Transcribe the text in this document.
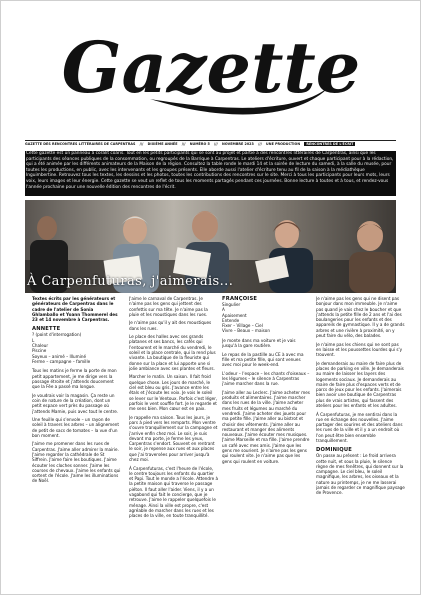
Gazette
GAZETTE DES RENCONTRES LITTÉRAIRES DE CARPENTRAS /// DIXIÈME ANNÉE /// NUMÉRO 5 /// NOVEMBRE 2023 /// UNE PRODUCTION RENCONTRES DE L'ÉCRIT
Cette gazette est un panneau à coralit coaris. Tout en les petits participants qui se sont au projet et partie à des rencontres littéraires de Carpentras, ainsi que les participants des séances publiques de la consommation, ou regroupés de la Barrique à Carpentras. Le ateliers d'écriture, ouvert et chaque participant pour à la rédaction, qui a été animée par les différents animateurs de la Maison de la région. Consultez la table ronde le mardi 14 et la soirée de lecture du samedi, à la salle du musée, pour toutes les productions, en public, avec les intervenants et les groupes présents. Elle aborde aussi l'atelier d'écriture tenu au fil de la saison à la médiathèque Inguimbertine. Retrouvez tous les textes, les dessins et les photos, toutes les contributions des rencontres sur le site. Merci à tous les participants pour leurs mots, leurs voix, leurs images et leur énergie. Cette gazette se veut un reflet de tous les moments partagés pendant ces journées. Bonne lecture à toutes et à tous, et rendez-vous l'année prochaine pour une nouvelle édition des rencontres de l'écrit.
À Carpenfuturas, j'aimerais...

Textes écrits par les générateurs et générateurs de Carpentras dans le cadre de l'atelier de Sonia Ghlamballo et Yoann Thommerel des 23 et 14 novembre à Carpentras.

ANNETTE
? (point d'interrogation)
L
Chaleur
Piscine
Soyeux – animé – Illuminé
Ferme – campagne – famille

Tous les matins je ferme la porte de mon petit appartement, je me dirige vers la passage étroite et j'attends doucement que la Fée a passé ma longue.

Je voudrais voir la magasin. Ça reste un coin de nature de la création, dont un petit espace vert près du passage où j'attends Mamie, puis avec tout le centre.

Une feuille qui s'envole – un rayon de soleil à travers les arbres – un alignement de petit de sacs de tomates – la vue d'un bon moment.

J'aime me promener dans les rues de Carpentras. J'aime aller admirer la mairie. J'aime regarder la cathédrale de St Siffrein. J'aime faire les boutiques. J'aime écouter les cloches sonner. J'aime les courses de chevaux. J'aime les enfants qui sortent de l'école. J'aime les illuminations de Noël.

J'aime le carnaval de Carpentras. Je n'aime pas les gens qui jettent des confettis sur ma tête. Je n'aime pas la pluie et les moustiques dans les rues.

Je n'aime pas qu'il y ait des moustiques dans les rues.

Le place des halles avec ses grands platanes et ses bancs, les cafés qui l'entourent et le marché du vendredi, le soleil et la place centrale, qui la rend plus vivante. La boutique de la fleuriste qui donne sur la place et lui apporte une si jolie ambiance avec ses plantes et fleurs.

Marcher le matin. Un saison. Il fait froid quelque chose. Les jours de marché, le ciel est bleu ou gris. J'avance entre les étals et j'écoute les voix. Je vois le soleil se lever sur le Ventoux. Parfois c'est léger, parfois le vent souffle fort. Je le regarde et me sens bien. Mon cœur est en paix.

Je rappelle ma saison. Tous les jours, je pars à pied vers les remparts. Mon ventre s'ouvre tranquillement sur la campagne et j'arrive enfin chez moi. Le soir, je suis devant ma porte, je ferme les yeux, Carpentras s'endort. Souvent en rentrant le soir, je repense aux rues et aux places que j'ai traversées pour arriver jusqu'à chez moi.

À Carpenfuturas, c'est l'heure de l'école, le centre toujours les enfants du quartier et Papi. Tout le monde a l'école. Attendre à la petite maison qui traverse le passage piéton. Il faut aller l'aider. Viens, il y a un vagabond qui fait le concierge, que je retrouve. J'aime le rappeler quelquefois le ménage. Ainsi la ville est propre, c'est agréable de marcher dans les rues et les places de la ville, en toute tranquillité.

FRANÇOISE
Singulier
A
Apaisement
Entende
Fixer – Village – Ciel
Vivre – Beaux – maison

Je monte dans ma voiture et je vais jusqu'à la gare routière.

Le repas de la pastille au CE à avec ma fille et ma petite fille, qui sont venues avec moi pour le week-end.

L'odeur – l'espace – les chants d'oiseaux – les légumes – le silence à Carpentras j'aime marcher dans la rue.

J'aime aller au Leclerc. J'aime acheter mes produits et alimentaires. J'aime marcher dans les rues de la ville. J'aime acheter mes fruits et légumes au marché du vendredi. J'aime acheter des jouets pour ma petite fille. J'aime aller au bistrot et choisir des vêtements. J'aime aller au restaurant et manger des aliments nouveaux. J'aime écouter mes musiques. J'aime Marseille et ma fille. J'aime prendre un café avec mes amis. J'aime que les gens me sourient. Je n'aime pas les gens qui roulent vite. Je n'aime pas que les gens qui roulent en voiture.

Je n'aime pas les gens qui ne disent pas bonjour dans mon immeuble. Je n'aime pas quand je vais chez le boucher et que j'attends la petite fille de 2 ans et l'ai des boulangeries pour les enfants et des appareils de gymnastique. Il y a de grands arbres et une rivière à proximité, on y peut faire du vélo, des balades.

Je n'aime pas les chiens qui ne sont pas en laisse et les poussettes lourdes qui s'y trouvent.

Je demanderais au maire de faire plus de places de parking en ville. Je demanderais au maire de laisser les layers des logements sociaux. Je demanderais au maire de faire plus d'espaces verts et de parcs de jeux pour les enfants. J'aimerais bien avoir une boutique de Carpentras plus de vrais artistes, qui fassent des ateliers pour les enfants et les adultes.

À Carpenfuturas, je me sentirai dans la rue en échange des nouvelles. J'aime partager des sourires et des ateliers dans les rues de la ville et il y a un endroit où l'on peut être bien ensemble tranquillement.

DOMINIQUE

On passe au présent : Le froid arrivera cette nuit, et sous la pluie, le silence règne de mes fenêtres, qui donnent sur la campagne. Le ciel bleu, le soleil magnifique, les arbres, les oiseaux et la nature au printemps, je ne me lasserai jamais de regarder ce magnifique paysage de Provence.
